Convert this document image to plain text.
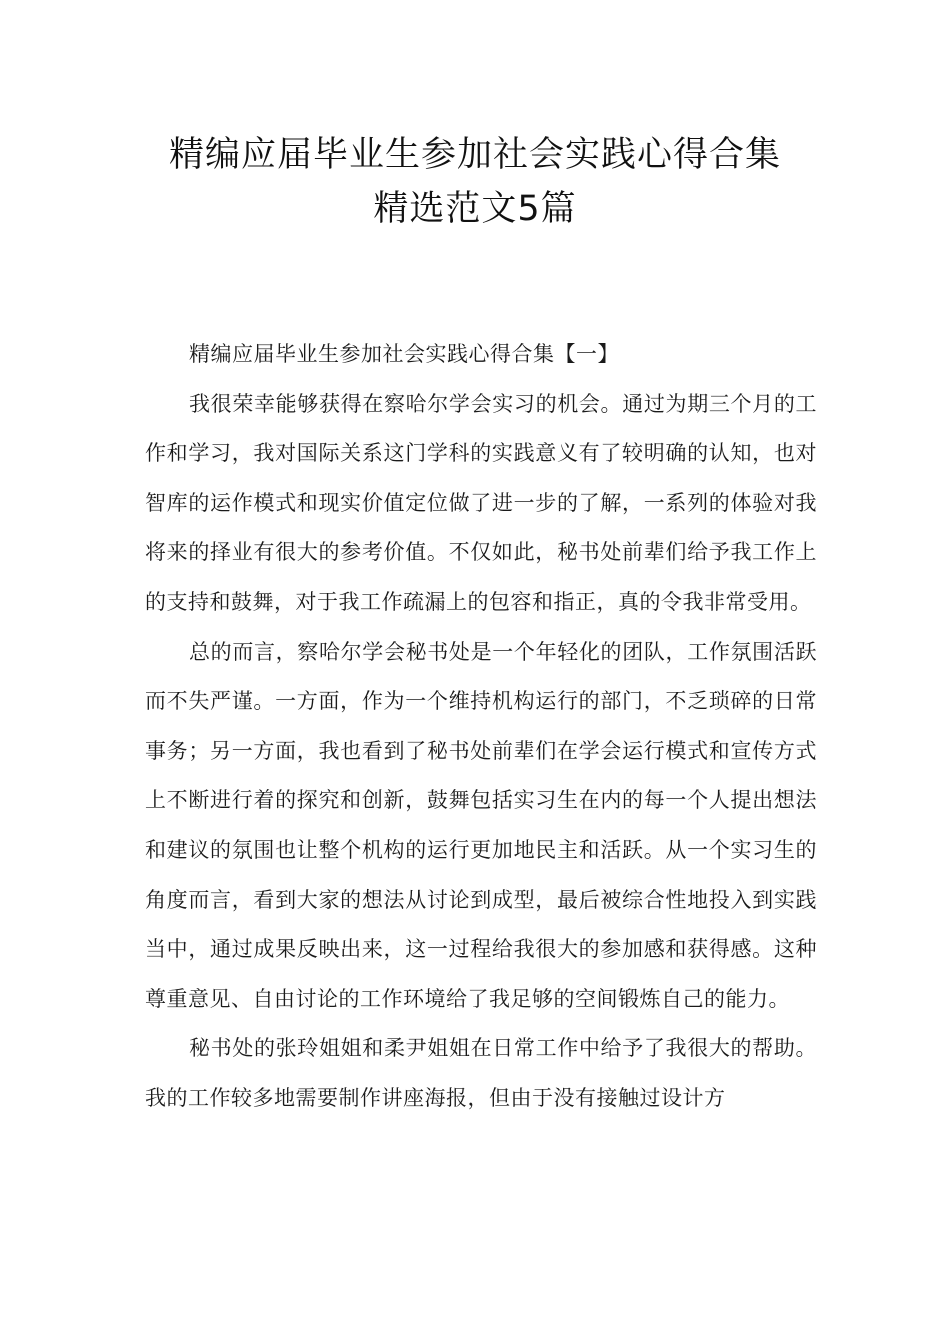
精编应届毕业生参加社会实践心得合集
精选范文5篇

精编应届毕业生参加社会实践心得合集【一】

我很荣幸能够获得在察哈尔学会实习的机会。通过为期三个月的工作和学习，我对国际关系这门学科的实践意义有了较明确的认知，也对智库的运作模式和现实价值定位做了进一步的了解，一系列的体验对我将来的择业有很大的参考价值。不仅如此，秘书处前辈们给予我工作上的支持和鼓舞，对于我工作疏漏上的包容和指正，真的令我非常受用。

总的而言，察哈尔学会秘书处是一个年轻化的团队，工作氛围活跃而不失严谨。一方面，作为一个维持机构运行的部门，不乏琐碎的日常事务；另一方面，我也看到了秘书处前辈们在学会运行模式和宣传方式上不断进行着的探究和创新，鼓舞包括实习生在内的每一个人提出想法和建议的氛围也让整个机构的运行更加地民主和活跃。从一个实习生的角度而言，看到大家的想法从讨论到成型，最后被综合性地投入到实践当中，通过成果反映出来，这一过程给我很大的参加感和获得感。这种尊重意见、自由讨论的工作环境给了我足够的空间锻炼自己的能力。

秘书处的张玲姐姐和柔尹姐姐在日常工作中给予了我很大的帮助。我的工作较多地需要制作讲座海报，但由于没有接触过设计方
